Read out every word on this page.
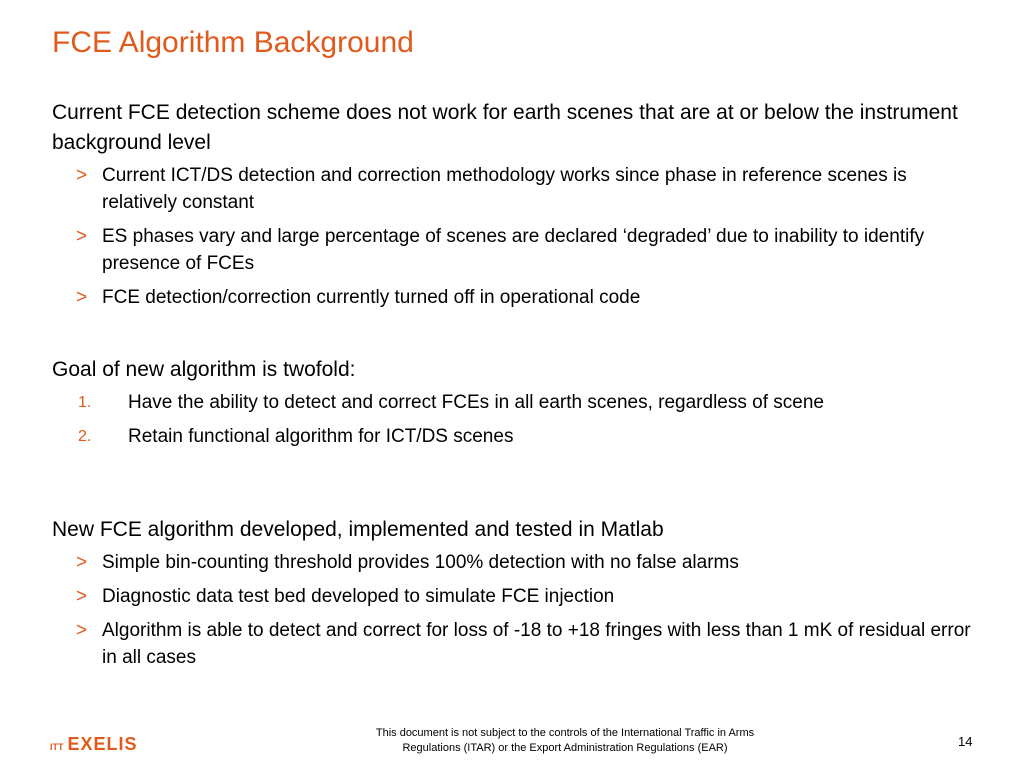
FCE Algorithm Background

Current FCE detection scheme does not work for earth scenes that are at or below the instrument background level

> Current ICT/DS detection and correction methodology works since phase in reference scenes is relatively constant
> ES phases vary and large percentage of scenes are declared ‘degraded’ due to inability to identify presence of FCEs
> FCE detection/correction currently turned off in operational code

Goal of new algorithm is twofold:

1. Have the ability to detect and correct FCEs in all earth scenes, regardless of scene
2. Retain functional algorithm for ICT/DS scenes

New FCE algorithm developed, implemented and tested in Matlab

> Simple bin-counting threshold provides 100% detection with no false alarms
> Diagnostic data test bed developed to simulate FCE injection
> Algorithm is able to detect and correct for loss of -18 to +18 fringes with less than 1 mK of residual error in all cases
ITT EXELIS
This document is not subject to the controls of the International Traffic in Arms
Regulations (ITAR) or the Export Administration Regulations (EAR)	14
